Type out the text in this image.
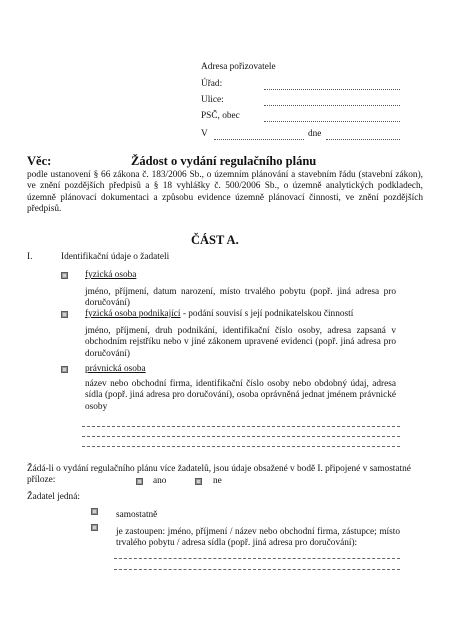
Adresa pořizovatele
Úřad:
Ulice:
PSČ, obec
V	dne
Věc:	Žádost o vydání regulačního plánu
podle ustanovení § 66 zákona č. 183/2006 Sb., o územním plánování a stavebním řádu (stavební zákon), ve znění pozdějších předpisů a § 18 vyhlášky č. 500/2006 Sb., o územně analytických podkladech, územně plánovací dokumentaci a způsobu evidence územně plánovací činnosti, ve znění pozdějších předpisů.
ČÁST A.
I.	Identifikační údaje o žadateli
fyzická osoba
jméno, příjmení, datum narození, místo trvalého pobytu (popř. jiná adresa pro doručování)
fyzická osoba podnikající - podání souvisí s její podnikatelskou činností
jméno, příjmení, druh podnikání, identifikační číslo osoby, adresa zapsaná v obchodním rejstříku nebo v jiné zákonem upravené evidenci (popř. jiná adresa pro doručování)
právnická osoba
název nebo obchodní firma, identifikační číslo osoby nebo obdobný údaj, adresa sídla (popř. jiná adresa pro doručování), osoba oprávněná jednat jménem právnické osoby
Žádá-li o vydání regulačního plánu více žadatelů, jsou údaje obsažené v bodě I. připojené v samostatné příloze:	ano	ne
Žadatel jedná:
samostatně
je zastoupen: jméno, příjmení / název nebo obchodní firma, zástupce; místo trvalého pobytu / adresa sídla (popř. jiná adresa pro doručování):
